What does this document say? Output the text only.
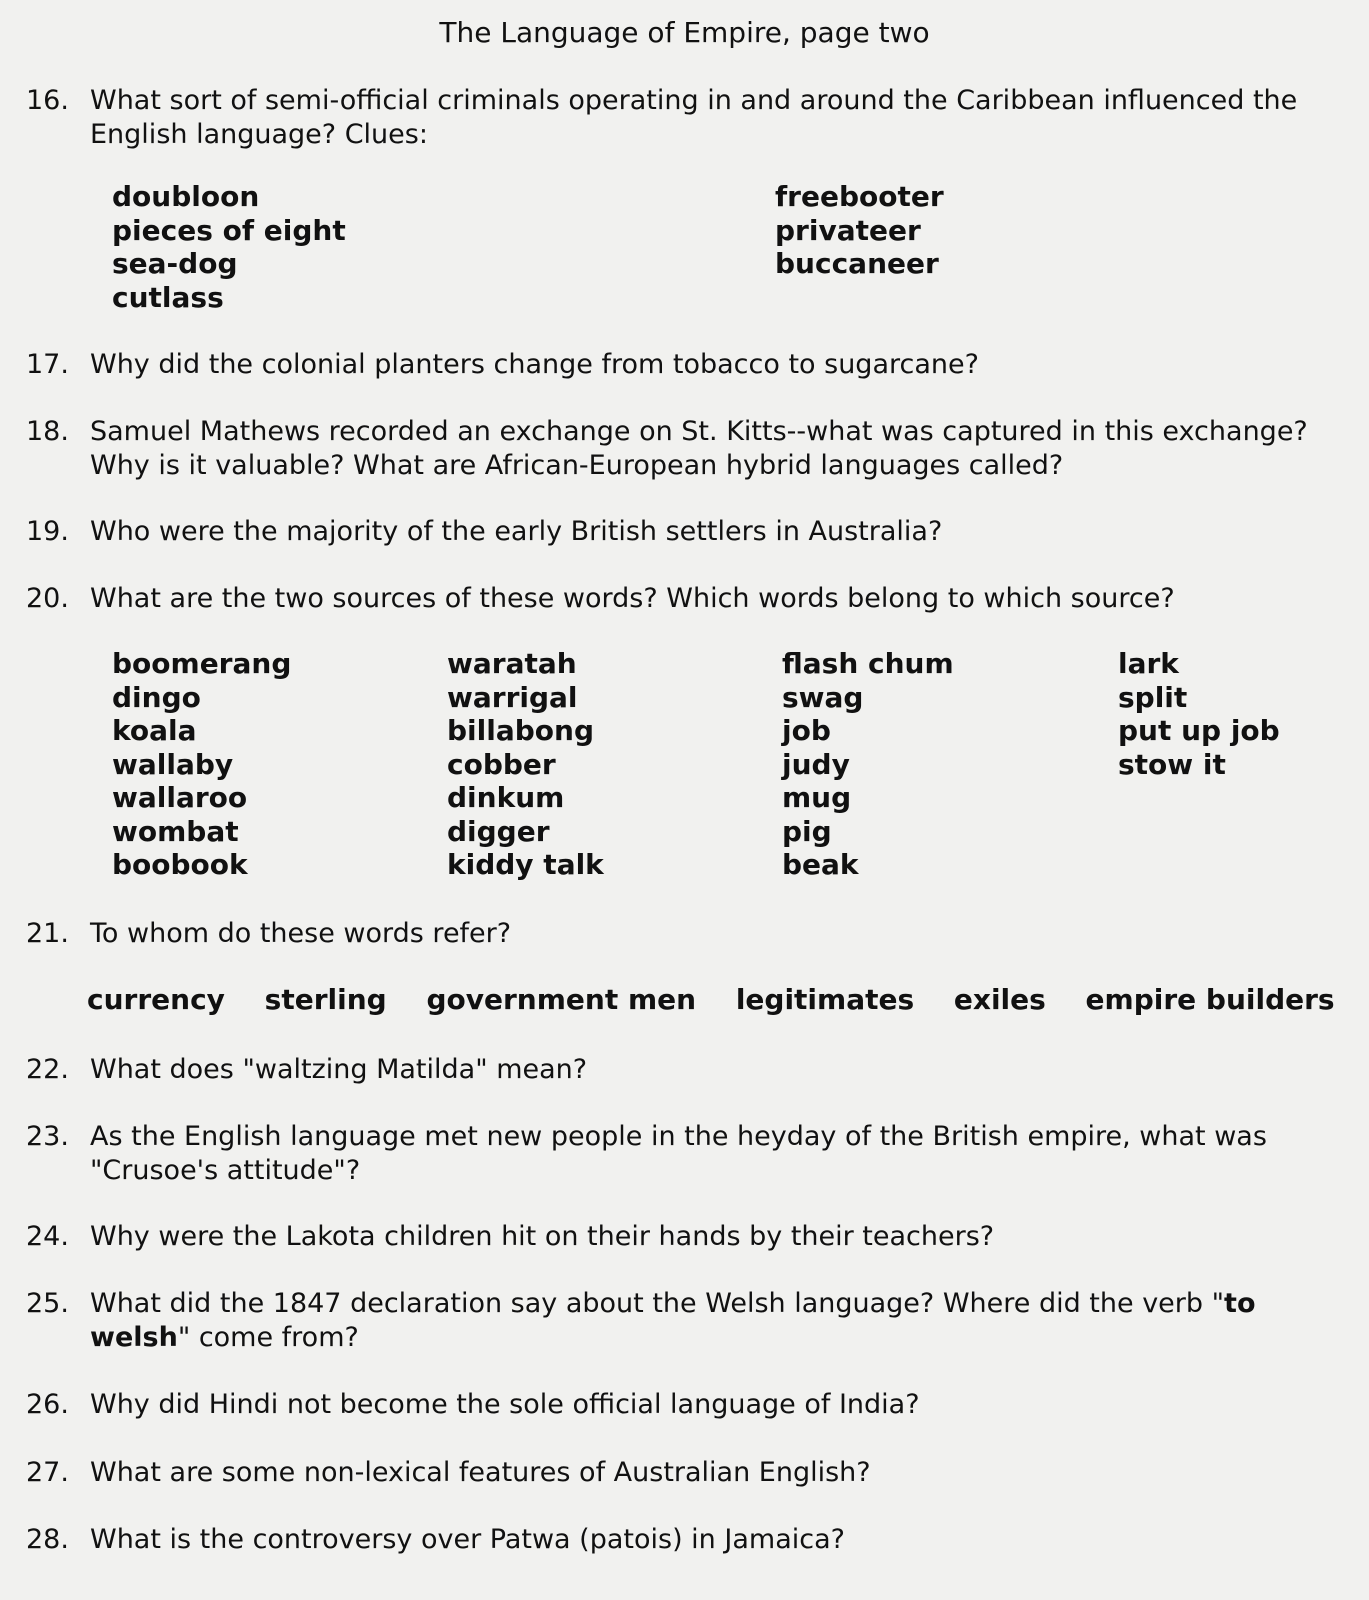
The Language of Empire, page two
16. What sort of semi-official criminals operating in and around the Caribbean influenced the English language? Clues:
doubloon
pieces of eight
sea-dog
cutlass
freebooter
privateer
buccaneer
17. Why did the colonial planters change from tobacco to sugarcane?
18. Samuel Mathews recorded an exchange on St. Kitts--what was captured in this exchange? Why is it valuable? What are African-European hybrid languages called?
19. Who were the majority of the early British settlers in Australia?
20. What are the two sources of these words? Which words belong to which source?
boomerang
dingo
koala
wallaby
wallaroo
wombat
boobook
waratah
warrigal
billabong
cobber
dinkum
digger
kiddy talk
flash chum
swag
job
judy
mug
pig
beak
lark
split
put up job
stow it
21. To whom do these words refer?
currency sterling government men legitimates exiles empire builders
22. What does "waltzing Matilda" mean?
23. As the English language met new people in the heyday of the British empire, what was "Crusoe's attitude"?
24. Why were the Lakota children hit on their hands by their teachers?
25. What did the 1847 declaration say about the Welsh language? Where did the verb "to welsh" come from?
26. Why did Hindi not become the sole official language of India?
27. What are some non-lexical features of Australian English?
28. What is the controversy over Patwa (patois) in Jamaica?
